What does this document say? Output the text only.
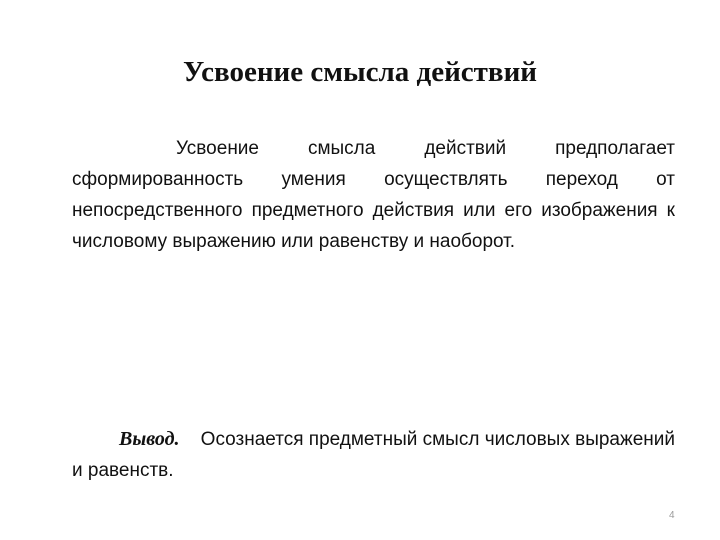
Усвоение смысла действий

Усвоение смысла действий предполагает сформированность умения осуществлять переход от непосредственного предметного действия или его изображения к числовому выражению или равенству и наоборот.

Вывод. Осознается предметный смысл числовых выражений и равенств.

4
